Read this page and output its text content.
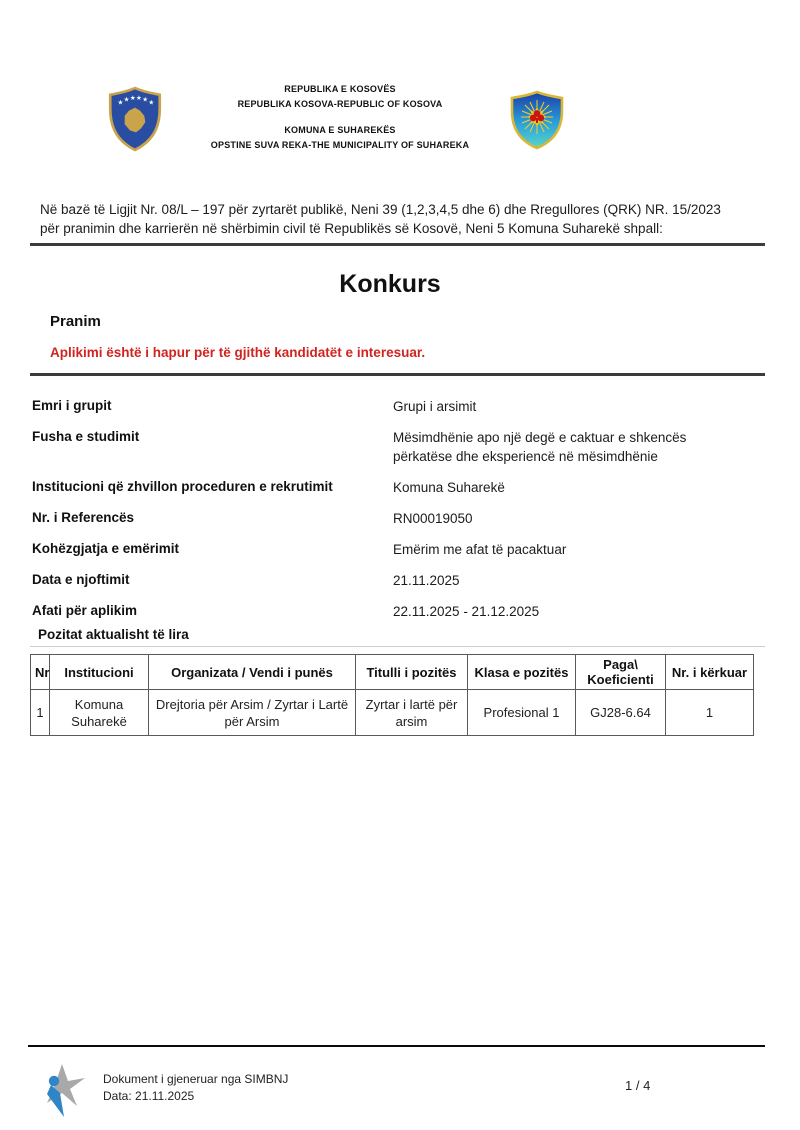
★ ★ ★ ★ ★ ★
REPUBLIKA E KOSOVËS
REPUBLIKA KOSOVA-REPUBLIC OF KOSOVA
KOMUNA E SUHAREKËS
OPSTINE SUVA REKA-THE MUNICIPALITY OF SUHAREKA

Në bazë të Ligjit Nr. 08/L – 197 për zyrtarët publikë, Neni 39 (1,2,3,4,5 dhe 6) dhe Rregullores (QRK) NR. 15/2023 për pranimin dhe karrierën në shërbimin civil të Republikës së Kosovë, Neni 5 Komuna Suharekë shpall:

Konkurs
Pranim
Aplikimi është i hapur për të gjithë kandidatët e interesuar.
Emri i grupit	Grupi i arsimit
Fusha e studimit	Mësimdhënie apo një degë e caktuar e shkencës përkatëse dhe eksperiencë në mësimdhënie
Institucioni që zhvillon proceduren e rekrutimit	Komuna Suharekë
Nr. i Referencës	RN00019050
Kohëzgjatja e emërimit	Emërim me afat të pacaktuar
Data e njoftimit	21.11.2025
Afati për aplikim	22.11.2025 - 21.12.2025
Pozitat aktualisht të lira
Nr	Institucioni	Organizata / Vendi i punës	Titulli i pozitës	Klasa e pozitës	Paga\ Koeficienti	Nr. i kërkuar
1	Komuna Suharekë	Drejtoria për Arsim / Zyrtar i Lartë për Arsim	Zyrtar i lartë për arsim	Profesional 1	GJ28-6.64	1
Dokument i gjeneruar nga SIMBNJ
Data: 21.11.2025
1 / 4
